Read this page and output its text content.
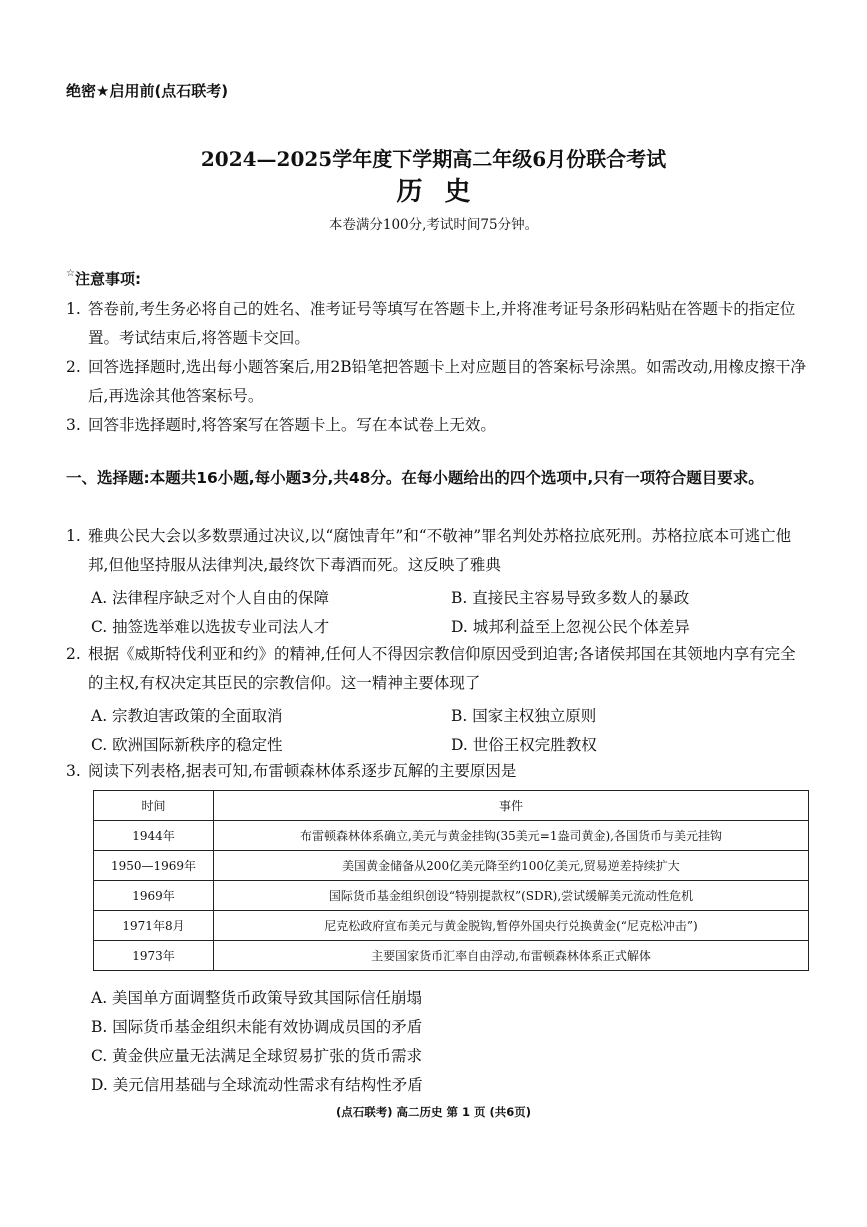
绝密★启用前(点石联考)
2024—2025学年度下学期高二年级6月份联合考试
历史
本卷满分100分,考试时间75分钟。
☆注意事项:
1. 答卷前,考生务必将自己的姓名、准考证号等填写在答题卡上,并将准考证号条形码粘贴在答题卡的指定位置。考试结束后,将答题卡交回。
2. 回答选择题时,选出每小题答案后,用2B铅笔把答题卡上对应题目的答案标号涂黑。如需改动,用橡皮擦干净后,再选涂其他答案标号。
3. 回答非选择题时,将答案写在答题卡上。写在本试卷上无效。
一、选择题:本题共16小题,每小题3分,共48分。在每小题给出的四个选项中,只有一项符合题目要求。
1. 雅典公民大会以多数票通过决议,以“腐蚀青年”和“不敬神”罪名判处苏格拉底死刑。苏格拉底本可逃亡他邦,但他坚持服从法律判决,最终饮下毒酒而死。这反映了雅典
A. 法律程序缺乏对个人自由的保障	B. 直接民主容易导致多数人的暴政
C. 抽签选举难以选拔专业司法人才	D. 城邦利益至上忽视公民个体差异
2. 根据《威斯特伐利亚和约》的精神,任何人不得因宗教信仰原因受到迫害;各诸侯邦国在其领地内享有完全的主权,有权决定其臣民的宗教信仰。这一精神主要体现了
A. 宗教迫害政策的全面取消	B. 国家主权独立原则
C. 欧洲国际新秩序的稳定性	D. 世俗王权完胜教权
3. 阅读下列表格,据表可知,布雷顿森林体系逐步瓦解的主要原因是
时间	事件
1944年	布雷顿森林体系确立,美元与黄金挂钩(35美元=1盎司黄金),各国货币与美元挂钩
1950—1969年	美国黄金储备从200亿美元降至约100亿美元,贸易逆差持续扩大
1969年	国际货币基金组织创设“特别提款权”(SDR),尝试缓解美元流动性危机
1971年8月	尼克松政府宣布美元与黄金脱钩,暂停外国央行兑换黄金(“尼克松冲击”)
1973年	主要国家货币汇率自由浮动,布雷顿森林体系正式解体
A. 美国单方面调整货币政策导致其国际信任崩塌
B. 国际货币基金组织未能有效协调成员国的矛盾
C. 黄金供应量无法满足全球贸易扩张的货币需求
D. 美元信用基础与全球流动性需求有结构性矛盾
(点石联考) 高二历史 第 1 页 (共6页)
